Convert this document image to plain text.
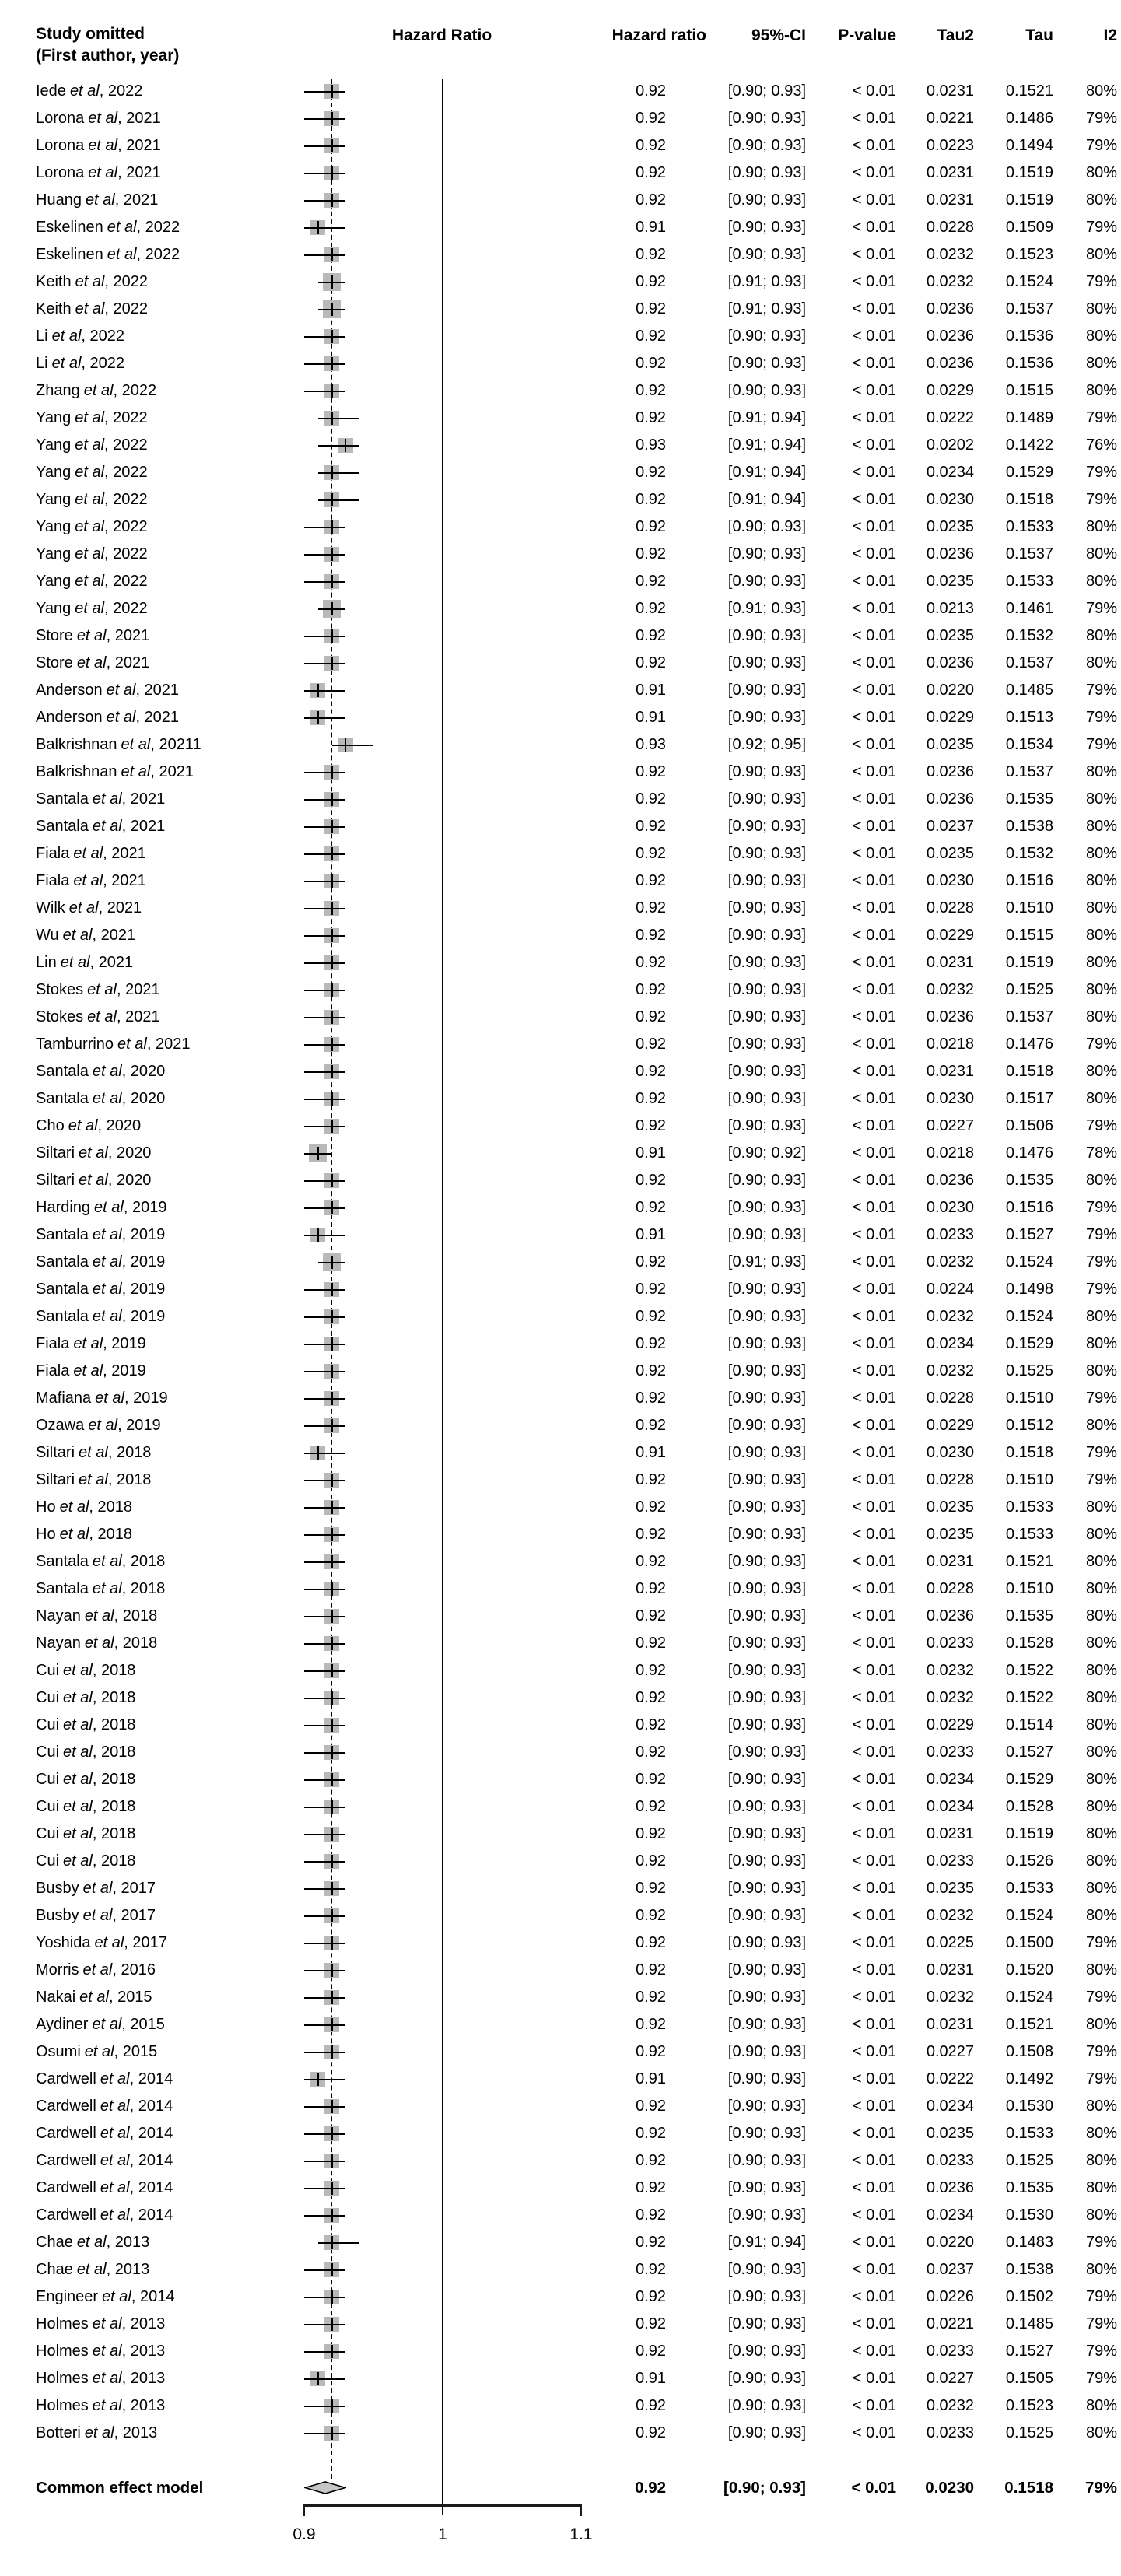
Study omitted
(First author, year)
Hazard Ratio	Hazard ratio	95%-CI P-value	Tau2	Tau	I2
Iede et al, 2022	0.92	[0.90; 0.93]	< 0.01 0.0231 0.1521 80%
Lorona et al, 2021	0.92	[0.90; 0.93]	< 0.01 0.0221 0.1486 79%
Lorona et al, 2021	0.92	[0.90; 0.93]	< 0.01 0.0223 0.1494 79%
Lorona et al, 2021	0.92	[0.90; 0.93]	< 0.01 0.0231 0.1519 80%
Huang et al, 2021	0.92	[0.90; 0.93]	< 0.01 0.0231 0.1519 80%
Eskelinen et al, 2022	0.91	[0.90; 0.93]	< 0.01 0.0228 0.1509 79%
Eskelinen et al, 2022	0.92	[0.90; 0.93]	< 0.01 0.0232 0.1523 80%
Keith et al, 2022	0.92	[0.91; 0.93]	< 0.01 0.0232 0.1524 79%
Keith et al, 2022	0.92	[0.91; 0.93]	< 0.01 0.0236 0.1537 80%
Li et al, 2022	0.92	[0.90; 0.93]	< 0.01 0.0236 0.1536 80%
Li et al, 2022	0.92	[0.90; 0.93]	< 0.01 0.0236 0.1536 80%
Zhang et al, 2022	0.92	[0.90; 0.93]	< 0.01 0.0229 0.1515 80%
Yang et al, 2022	0.92	[0.91; 0.94]	< 0.01 0.0222 0.1489 79%
Yang et al, 2022	0.93	[0.91; 0.94]	< 0.01 0.0202 0.1422 76%
Yang et al, 2022	0.92	[0.91; 0.94]	< 0.01 0.0234 0.1529 79%
Yang et al, 2022	0.92	[0.91; 0.94]	< 0.01 0.0230 0.1518 79%
Yang et al, 2022	0.92	[0.90; 0.93]	< 0.01 0.0235 0.1533 80%
Yang et al, 2022	0.92	[0.90; 0.93]	< 0.01 0.0236 0.1537 80%
Yang et al, 2022	0.92	[0.90; 0.93]	< 0.01 0.0235 0.1533 80%
Yang et al, 2022	0.92	[0.91; 0.93]	< 0.01 0.0213 0.1461 79%
Store et al, 2021	0.92	[0.90; 0.93]	< 0.01 0.0235 0.1532 80%
Store et al, 2021	0.92	[0.90; 0.93]	< 0.01 0.0236 0.1537 80%
Anderson et al, 2021	0.91	[0.90; 0.93]	< 0.01 0.0220 0.1485 79%
Anderson et al, 2021	0.91	[0.90; 0.93]	< 0.01 0.0229 0.1513 79%
Balkrishnan et al, 20211	0.93	[0.92; 0.95]	< 0.01 0.0235 0.1534 79%
Balkrishnan et al, 2021	0.92	[0.90; 0.93]	< 0.01 0.0236 0.1537 80%
Santala et al, 2021	0.92	[0.90; 0.93]	< 0.01 0.0236 0.1535 80%
Santala et al, 2021	0.92	[0.90; 0.93]	< 0.01 0.0237 0.1538 80%
Fiala et al, 2021	0.92	[0.90; 0.93]	< 0.01 0.0235 0.1532 80%
Fiala et al, 2021	0.92	[0.90; 0.93]	< 0.01 0.0230 0.1516 80%
Wilk et al, 2021	0.92	[0.90; 0.93]	< 0.01 0.0228 0.1510 80%
Wu et al, 2021	0.92	[0.90; 0.93]	< 0.01 0.0229 0.1515 80%
Lin et al, 2021	0.92	[0.90; 0.93]	< 0.01 0.0231 0.1519 80%
Stokes et al, 2021	0.92	[0.90; 0.93]	< 0.01 0.0232 0.1525 80%
Stokes et al, 2021	0.92	[0.90; 0.93]	< 0.01 0.0236 0.1537 80%
Tamburrino et al, 2021	0.92	[0.90; 0.93]	< 0.01 0.0218 0.1476 79%
Santala et al, 2020	0.92	[0.90; 0.93]	< 0.01 0.0231 0.1518 80%
Santala et al, 2020	0.92	[0.90; 0.93]	< 0.01 0.0230 0.1517 80%
Cho et al, 2020	0.92	[0.90; 0.93]	< 0.01 0.0227 0.1506 79%
Siltari et al, 2020	0.91	[0.90; 0.92]	< 0.01 0.0218 0.1476 78%
Siltari et al, 2020	0.92	[0.90; 0.93]	< 0.01 0.0236 0.1535 80%
Harding et al, 2019	0.92	[0.90; 0.93]	< 0.01 0.0230 0.1516 79%
Santala et al, 2019	0.91	[0.90; 0.93]	< 0.01 0.0233 0.1527 79%
Santala et al, 2019	0.92	[0.91; 0.93]	< 0.01 0.0232 0.1524 79%
Santala et al, 2019	0.92	[0.90; 0.93]	< 0.01 0.0224 0.1498 79%
Santala et al, 2019	0.92	[0.90; 0.93]	< 0.01 0.0232 0.1524 80%
Fiala et al, 2019	0.92	[0.90; 0.93]	< 0.01 0.0234 0.1529 80%
Fiala et al, 2019	0.92	[0.90; 0.93]	< 0.01 0.0232 0.1525 80%
Mafiana et al, 2019	0.92	[0.90; 0.93]	< 0.01 0.0228 0.1510 79%
Ozawa et al, 2019	0.92	[0.90; 0.93]	< 0.01 0.0229 0.1512 80%
Siltari et al, 2018	0.91	[0.90; 0.93]	< 0.01 0.0230 0.1518 79%
Siltari et al, 2018	0.92	[0.90; 0.93]	< 0.01 0.0228 0.1510 79%
Ho et al, 2018	0.92	[0.90; 0.93]	< 0.01 0.0235 0.1533 80%
Ho et al, 2018	0.92	[0.90; 0.93]	< 0.01 0.0235 0.1533 80%
Santala et al, 2018	0.92	[0.90; 0.93]	< 0.01 0.0231 0.1521 80%
Santala et al, 2018	0.92	[0.90; 0.93]	< 0.01 0.0228 0.1510 80%
Nayan et al, 2018	0.92	[0.90; 0.93]	< 0.01 0.0236 0.1535 80%
Nayan et al, 2018	0.92	[0.90; 0.93]	< 0.01 0.0233 0.1528 80%
Cui et al, 2018	0.92	[0.90; 0.93]	< 0.01 0.0232 0.1522 80%
Cui et al, 2018	0.92	[0.90; 0.93]	< 0.01 0.0232 0.1522 80%
Cui et al, 2018	0.92	[0.90; 0.93]	< 0.01 0.0229 0.1514 80%
Cui et al, 2018	0.92	[0.90; 0.93]	< 0.01 0.0233 0.1527 80%
Cui et al, 2018	0.92	[0.90; 0.93]	< 0.01 0.0234 0.1529 80%
Cui et al, 2018	0.92	[0.90; 0.93]	< 0.01 0.0234 0.1528 80%
Cui et al, 2018	0.92	[0.90; 0.93]	< 0.01 0.0231 0.1519 80%
Cui et al, 2018	0.92	[0.90; 0.93]	< 0.01 0.0233 0.1526 80%
Busby et al, 2017	0.92	[0.90; 0.93]	< 0.01 0.0235 0.1533 80%
Busby et al, 2017	0.92	[0.90; 0.93]	< 0.01 0.0232 0.1524 80%
Yoshida et al, 2017	0.92	[0.90; 0.93]	< 0.01 0.0225 0.1500 79%
Morris et al, 2016	0.92	[0.90; 0.93]	< 0.01 0.0231 0.1520 80%
Nakai et al, 2015	0.92	[0.90; 0.93]	< 0.01 0.0232 0.1524 79%
Aydiner et al, 2015	0.92	[0.90; 0.93]	< 0.01 0.0231 0.1521 80%
Osumi et al, 2015	0.92	[0.90; 0.93]	< 0.01 0.0227 0.1508 79%
Cardwell et al, 2014	0.91	[0.90; 0.93]	< 0.01 0.0222 0.1492 79%
Cardwell et al, 2014	0.92	[0.90; 0.93]	< 0.01 0.0234 0.1530 80%
Cardwell et al, 2014	0.92	[0.90; 0.93]	< 0.01 0.0235 0.1533 80%
Cardwell et al, 2014	0.92	[0.90; 0.93]	< 0.01 0.0233 0.1525 80%
Cardwell et al, 2014	0.92	[0.90; 0.93]	< 0.01 0.0236 0.1535 80%
Cardwell et al, 2014	0.92	[0.90; 0.93]	< 0.01 0.0234 0.1530 80%
Chae et al, 2013	0.92	[0.91; 0.94]	< 0.01 0.0220 0.1483 79%
Chae et al, 2013	0.92	[0.90; 0.93]	< 0.01 0.0237 0.1538 80%
Engineer et al, 2014	0.92	[0.90; 0.93]	< 0.01 0.0226 0.1502 79%
Holmes et al, 2013	0.92	[0.90; 0.93]	< 0.01 0.0221 0.1485 79%
Holmes et al, 2013	0.92	[0.90; 0.93]	< 0.01 0.0233 0.1527 79%
Holmes et al, 2013	0.91	[0.90; 0.93]	< 0.01 0.0227 0.1505 79%
Holmes et al, 2013	0.92	[0.90; 0.93]	< 0.01 0.0232 0.1523 80%
Botteri et al, 2013	0.92	[0.90; 0.93]	< 0.01 0.0233 0.1525 80%
Common effect model	0.92	[0.90; 0.93]	< 0.01 0.0230 0.1518 79%
0.9	1	1.1
